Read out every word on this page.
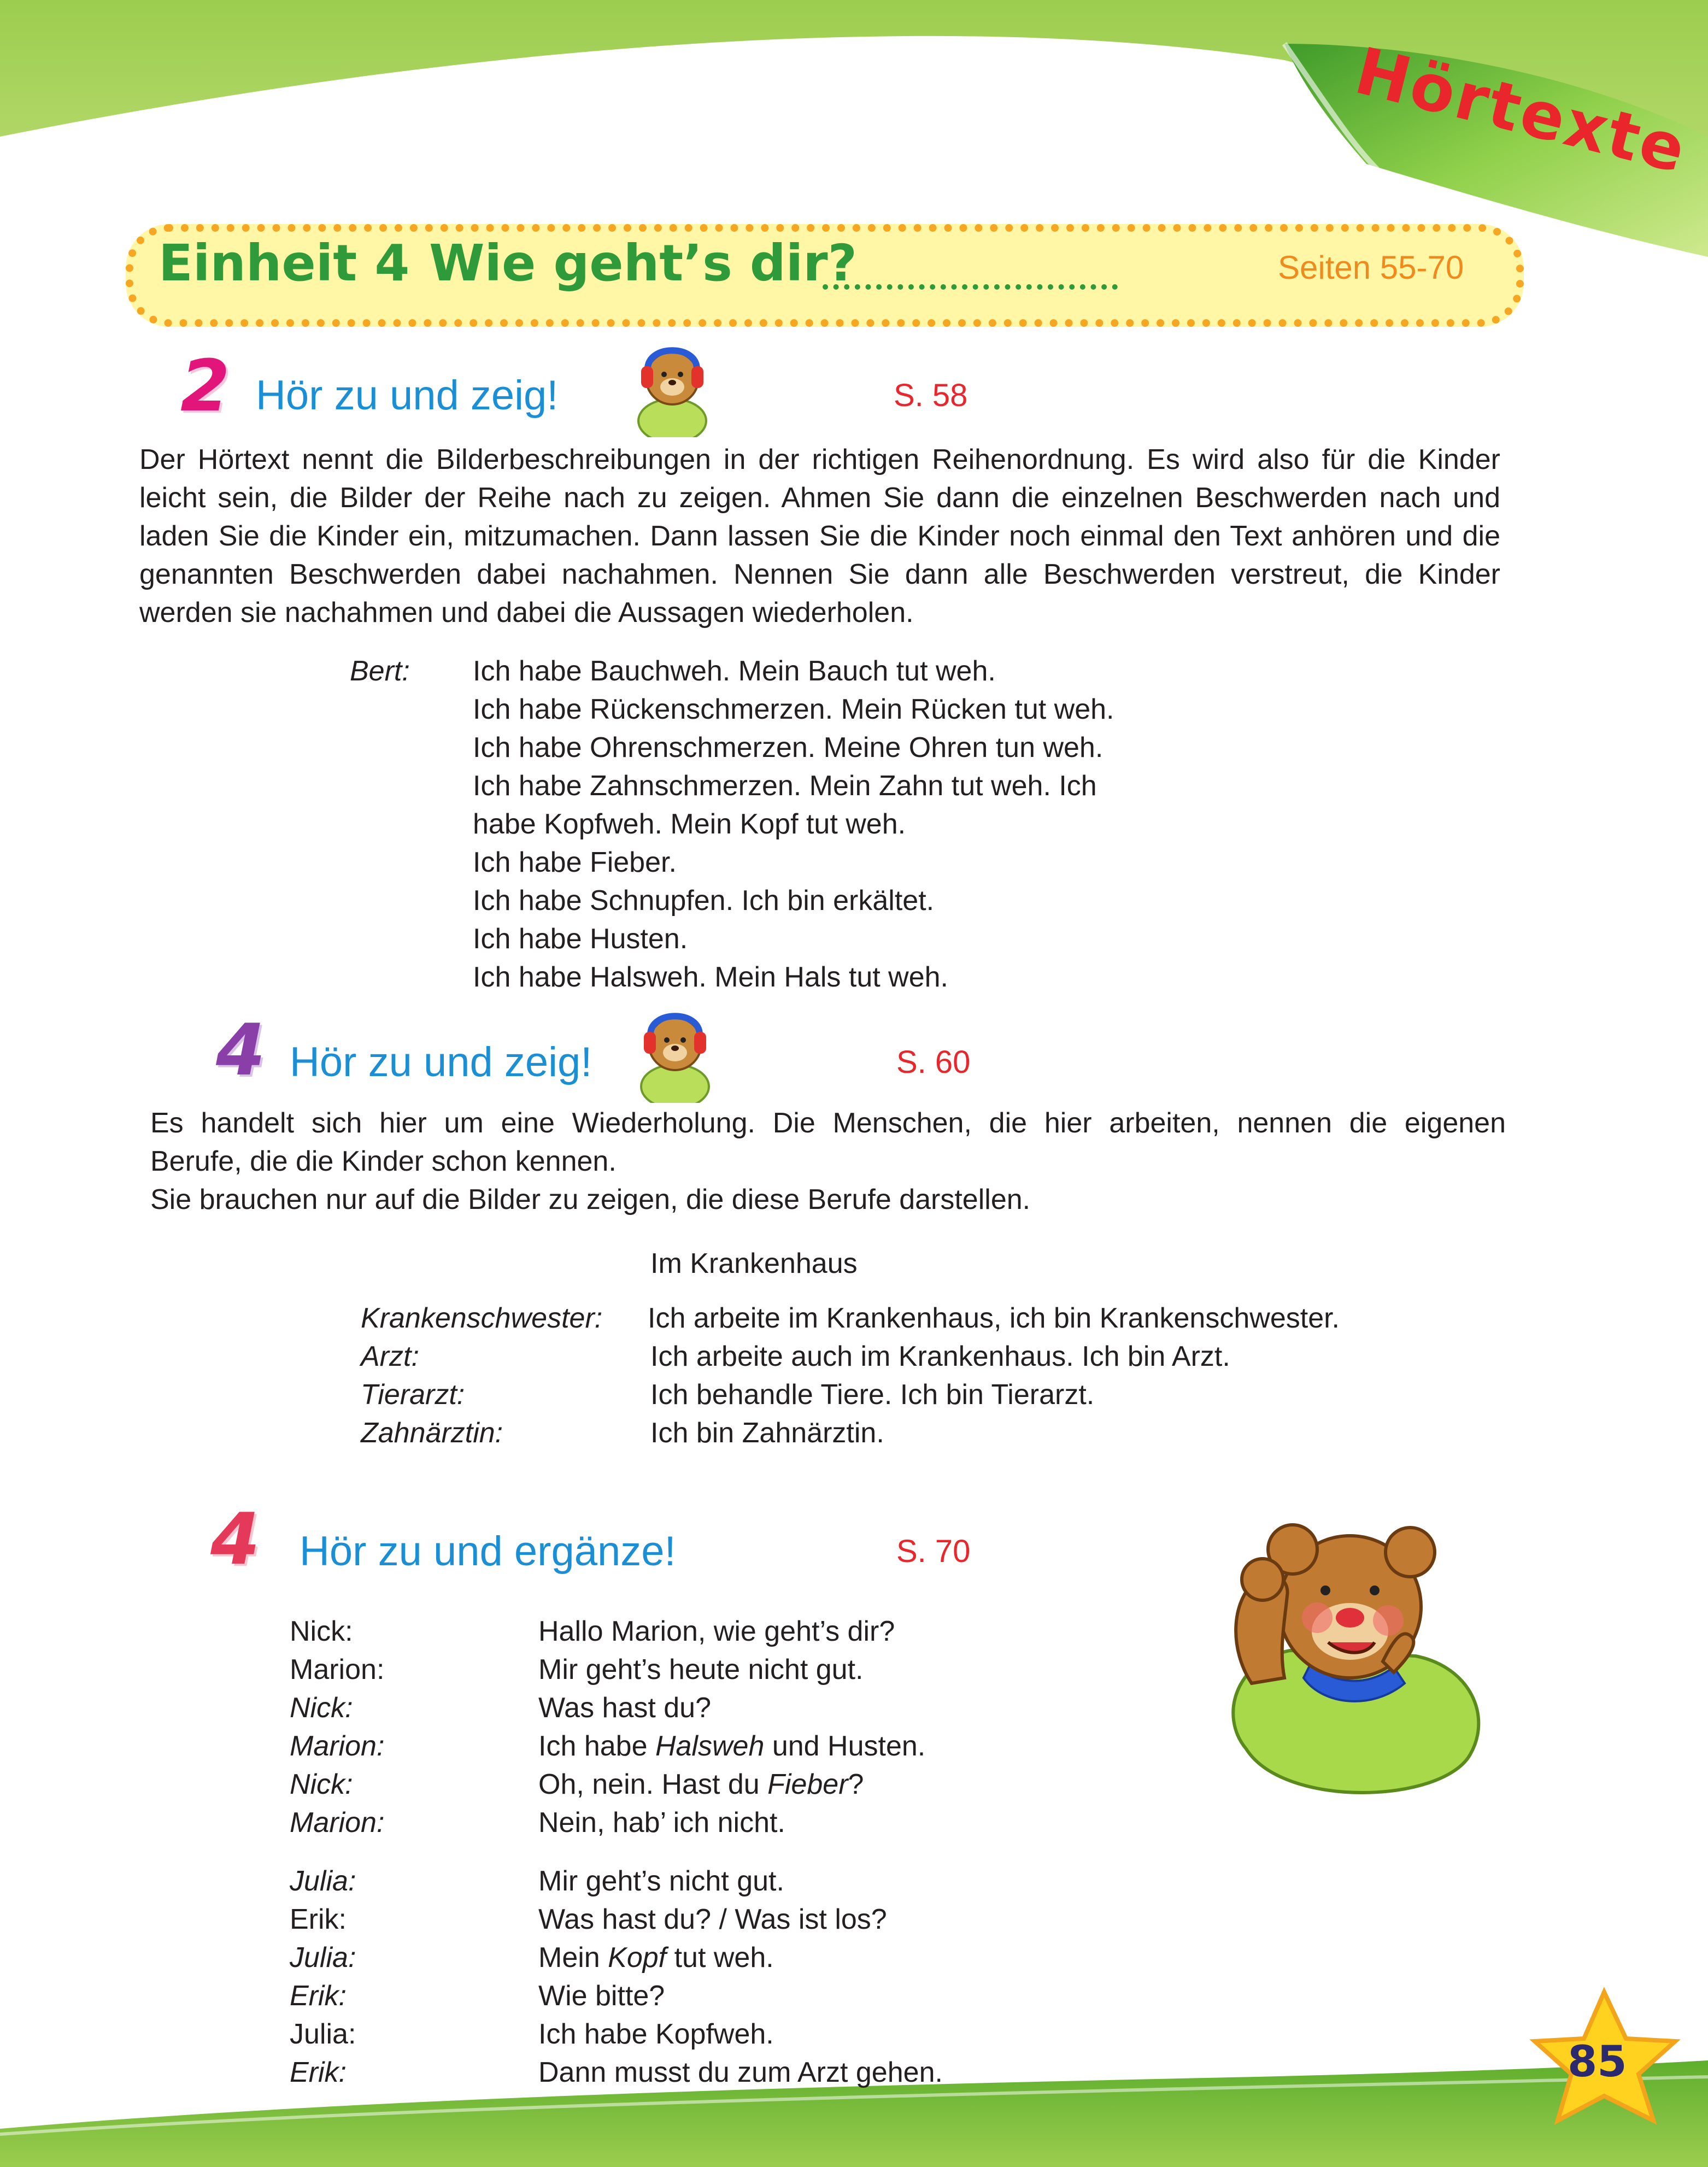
Hörtexte
Einheit 4 Wie geht’s dir?	Seiten 55-70
2 Hör zu und zeig!	S. 58

Der Hörtext nennt die Bilderbeschreibungen in der richtigen Reihenordnung. Es wird also für die Kinder leicht sein, die Bilder der Reihe nach zu zeigen. Ahmen Sie dann die einzelnen Beschwerden nach und laden Sie die Kinder ein, mitzumachen. Dann lassen Sie die Kinder noch einmal den Text anhören und die genannten Beschwerden dabei nachahmen. Nennen Sie dann alle Beschwerden verstreut, die Kinder werden sie nachahmen und dabei die Aussagen wiederholen.

Bert: Ich habe Bauchweh. Mein Bauch tut weh.
Ich habe Rückenschmerzen. Mein Rücken tut weh.
Ich habe Ohrenschmerzen. Meine Ohren tun weh.
Ich habe Zahnschmerzen. Mein Zahn tut weh. Ich
habe Kopfweh. Mein Kopf tut weh.
Ich habe Fieber.
Ich habe Schnupfen. Ich bin erkältet.
Ich habe Husten.
Ich habe Halsweh. Mein Hals tut weh.
4 Hör zu und zeig!	S. 60

Es handelt sich hier um eine Wiederholung. Die Menschen, die hier arbeiten, nennen die eigenen

Berufe, die die Kinder schon kennen.

Sie brauchen nur auf die Bilder zu zeigen, die diese Berufe darstellen.

Im Krankenhaus
Krankenschwester: Ich arbeite im Krankenhaus, ich bin Krankenschwester.
Arzt:	Ich arbeite auch im Krankenhaus. Ich bin Arzt.
Tierarzt:	Ich behandle Tiere. Ich bin Tierarzt.
Zahnärztin:	Ich bin Zahnärztin.
4 Hör zu und ergänze!	S. 70
Nick:	Hallo Marion, wie geht’s dir?
Marion:	Mir geht’s heute nicht gut.
Nick:	Was hast du?
Marion:	Ich habe Halsweh und Husten.
Nick:	Oh, nein. Hast du Fieber?
Marion:	Nein, hab’ ich nicht.
Julia:	Mir geht’s nicht gut.
Erik:	Was hast du? / Was ist los?
Julia:	Mein Kopf tut weh.
Erik:	Wie bitte?
Julia:	Ich habe Kopfweh.
Erik:	Dann musst du zum Arzt gehen.	85
